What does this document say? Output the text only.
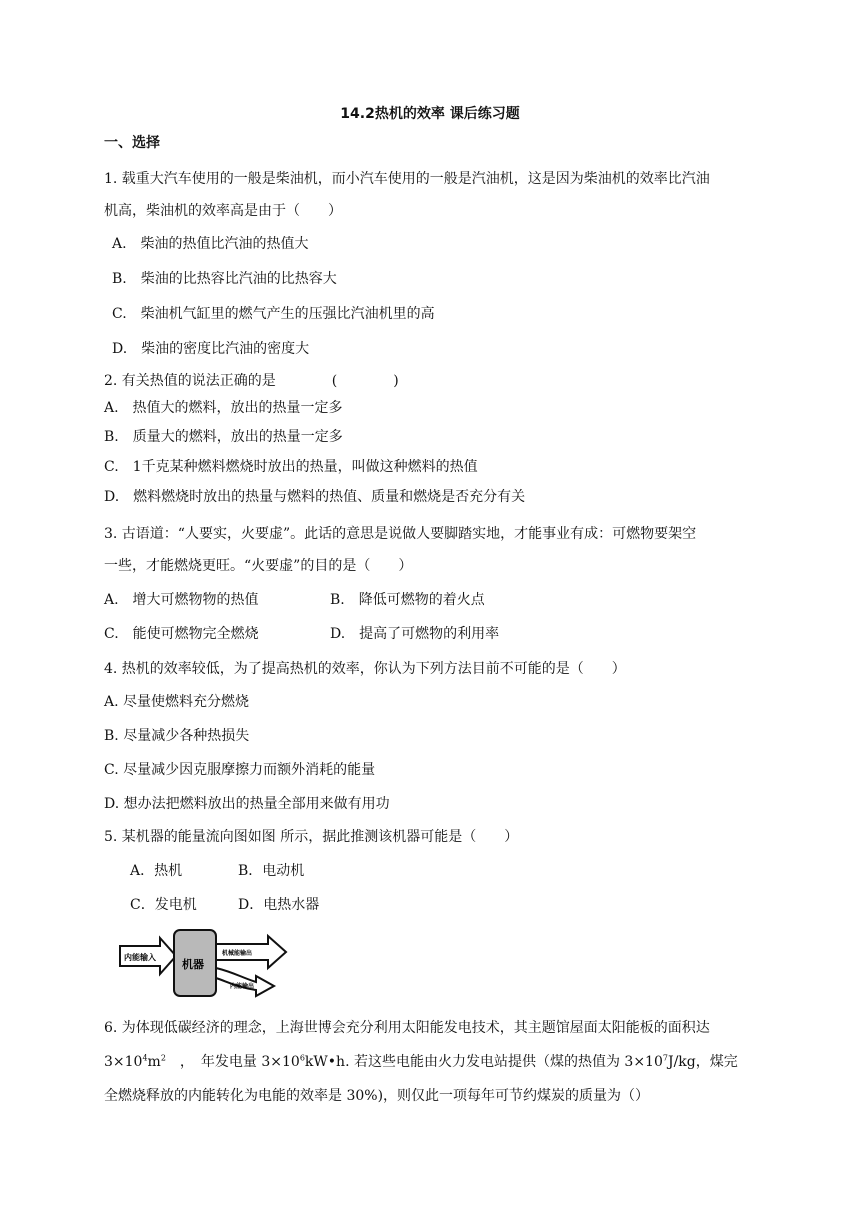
14.2热机的效率 课后练习题
一、选择
1. 载重大汽车使用的一般是柴油机，而小汽车使用的一般是汽油机，这是因为柴油机的效率比汽油
机高，柴油机的效率高是由于（　　）
A.　柴油的热值比汽油的热值大
B.　柴油的比热容比汽油的比热容大
C.　柴油机气缸里的燃气产生的压强比汽油机里的高
D.　柴油的密度比汽油的密度大
2. 有关热值的说法正确的是　　　　(　　　　)
A.　热值大的燃料，放出的热量一定多
B.　质量大的燃料，放出的热量一定多
C.　1千克某种燃料燃烧时放出的热量，叫做这种燃料的热值
D.　燃料燃烧时放出的热量与燃料的热值、质量和燃烧是否充分有关
3. 古语道：“人要实，火要虚”。此话的意思是说做人要脚踏实地，才能事业有成：可燃物要架空
一些，才能燃烧更旺。“火要虚”的目的是（　　）
A.　增大可燃物物的热值	B.　降低可燃物的着火点
C.　能使可燃物完全燃烧	D.　提高了可燃物的利用率
4. 热机的效率较低，为了提高热机的效率，你认为下列方法目前不可能的是（　　）
A. 尽量使燃料充分燃烧
B. 尽量减少各种热损失
C. 尽量减少因克服摩擦力而额外消耗的能量
D. 想办法把燃料放出的热量全部用来做有用功
5. 某机器的能量流向图如图 所示，据此推测该机器可能是（　　）
A．热机	B．电动机
C．发电机	D．电热水器
内能输入
机器
机械能输出
内能输出
6. 为体现低碳经济的理念，上海世博会充分利用太阳能发电技术，其主题馆屋面太阳能板的面积达
$3\times 10^4m^2$　，　年发电量 $3\times 10^6kW•h$. 若这些电能由火力发电站提供（煤的热值为 $3\times 10^7J/kg$，煤完
全燃烧释放的内能转化为电能的效率是 30%)，则仅此一项每年可节约煤炭的质量为（）
